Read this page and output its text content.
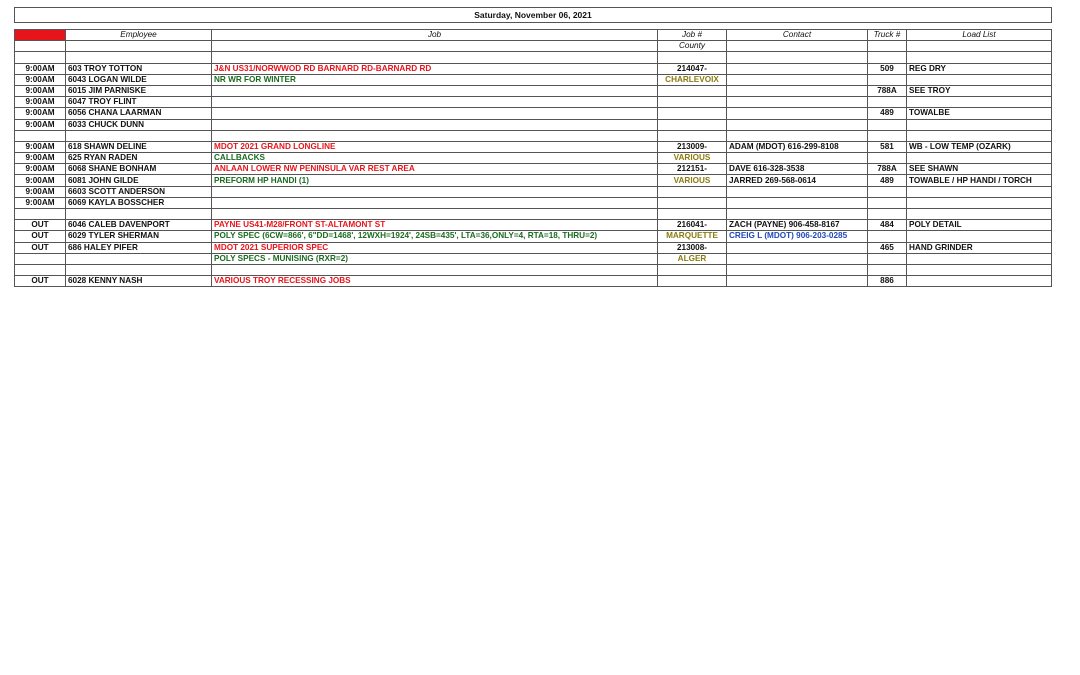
Saturday, November 06, 2021						

Time	Employee	Job	Job #	Contact	Truck #	Load List
			County			

9:00AM	603 TROY TOTTON	J&N US31/NORWWOD RD BARNARD RD-BARNARD RD	214047-		509	REG DRY
9:00AM	6043 LOGAN WILDE	NR WR FOR WINTER	CHARLEVOIX			
9:00AM	6015 JIM PARNISKE				788A	SEE TROY
9:00AM	6047 TROY FLINT					
9:00AM	6056 CHANA LAARMAN				489	TOWALBE
9:00AM	6033 CHUCK DUNN					

9:00AM	618 SHAWN DELINE	MDOT 2021 GRAND LONGLINE	213009-	ADAM (MDOT) 616-299-8108	581	WB - LOW TEMP (OZARK)
9:00AM	625 RYAN RADEN	CALLBACKS	VARIOUS			
9:00AM	6068 SHANE BONHAM	ANLAAN LOWER NW PENINSULA VAR REST AREA	212151-	DAVE 616-328-3538	788A	SEE SHAWN
9:00AM	6081 JOHN GILDE	PREFORM HP HANDI (1)	VARIOUS	JARRED 269-568-0614	489	TOWABLE / HP HANDI / TORCH
9:00AM	6603 SCOTT ANDERSON					
9:00AM	6069 KAYLA BOSSCHER					

OUT	6046 CALEB DAVENPORT	PAYNE US41-M28/FRONT ST-ALTAMONT ST	216041-	ZACH (PAYNE) 906-458-8167	484	POLY DETAIL
OUT	6029 TYLER SHERMAN	POLY SPEC (6CW=866', 6"DD=1468', 12WXH=1924', 24SB=435', LTA=36,ONLY=4, RTA=18, THRU=2)	MARQUETTE	CREIG L (MDOT) 906-203-0285		
OUT	686 HALEY PIFER	MDOT 2021 SUPERIOR SPEC	213008-		465	HAND GRINDER
		POLY SPECS - MUNISING (RXR=2)	ALGER			

OUT	6028 KENNY NASH	VARIOUS TROY RECESSING JOBS			886	
